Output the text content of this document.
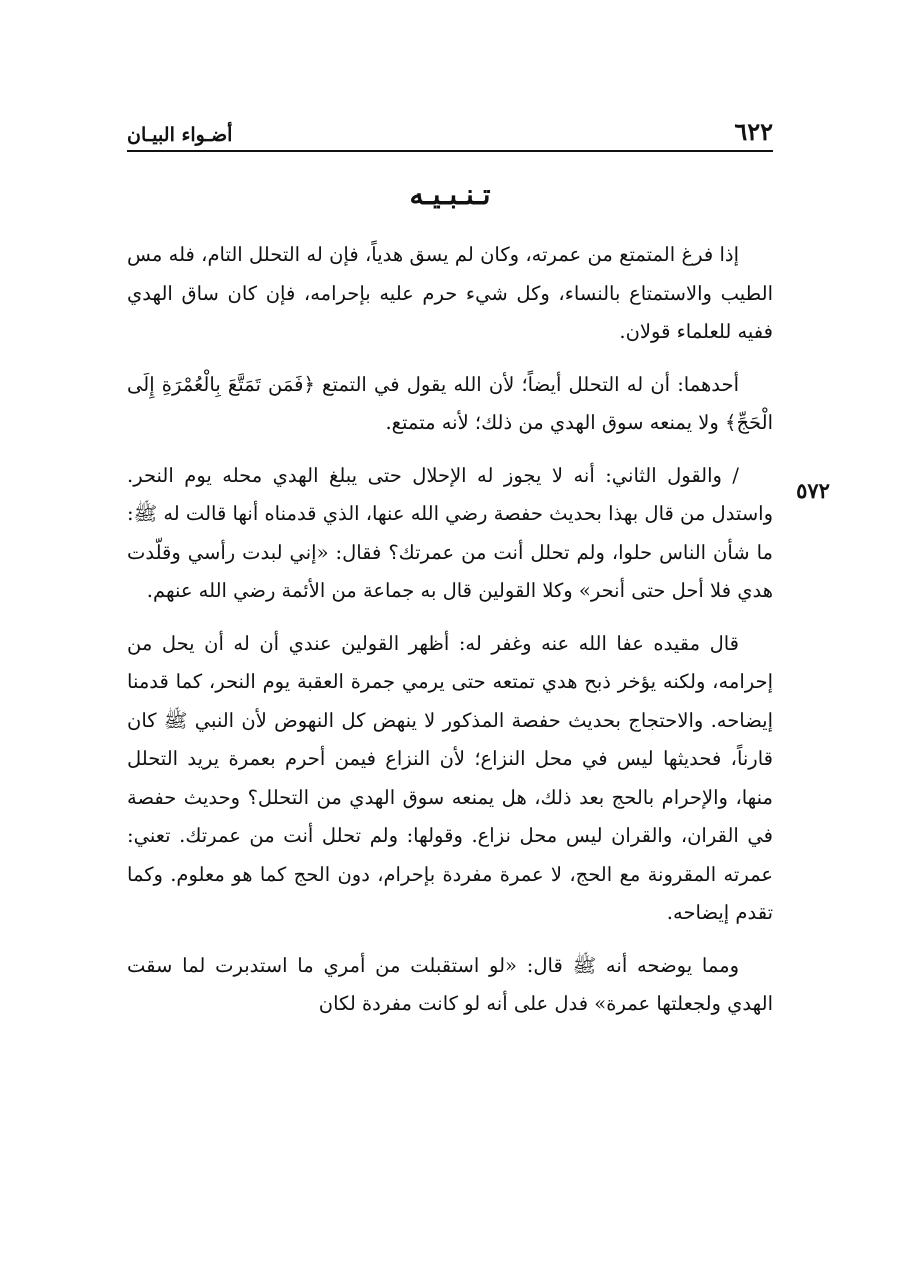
٦٢٢
أضـواء البيـان
تـنـبـيـه
٥٧٢

إذا فرغ المتمتع من عمرته، وكان لم يسق هدياً، فإن له التحلل التام، فله مس الطيب والاستمتاع بالنساء، وكل شيء حرم عليه بإحرامه، فإن كان ساق الهدي ففيه للعلماء قولان.

أحدهما: أن له التحلل أيضاً؛ لأن الله يقول في التمتع ﴿فَمَن تَمَتَّعَ بِالْعُمْرَةِ إِلَى الْحَجِّ﴾ ولا يمنعه سوق الهدي من ذلك؛ لأنه متمتع.

/ والقول الثاني: أنه لا يجوز له الإحلال حتى يبلغ الهدي محله يوم النحر. واستدل من قال بهذا بحديث حفصة رضي الله عنها، الذي قدمناه أنها قالت له ﷺ: ما شأن الناس حلوا، ولم تحلل أنت من عمرتك؟ فقال: «إني لبدت رأسي وقلّدت هدي فلا أحل حتى أنحر» وكلا القولين قال به جماعة من الأئمة رضي الله عنهم.

قال مقيده عفا الله عنه وغفر له: أظهر القولين عندي أن له أن يحل من إحرامه، ولكنه يؤخر ذبح هدي تمتعه حتى يرمي جمرة العقبة يوم النحر، كما قدمنا إيضاحه. والاحتجاج بحديث حفصة المذكور لا ينهض كل النهوض لأن النبي ﷺ كان قارناً، فحديثها ليس في محل النزاع؛ لأن النزاع فيمن أحرم بعمرة يريد التحلل منها، والإحرام بالحج بعد ذلك، هل يمنعه سوق الهدي من التحلل؟ وحديث حفصة في القران، والقران ليس محل نزاع. وقولها: ولم تحلل أنت من عمرتك. تعني: عمرته المقرونة مع الحج، لا عمرة مفردة بإحرام، دون الحج كما هو معلوم. وكما تقدم إيضاحه.

ومما يوضحه أنه ﷺ قال: «لو استقبلت من أمري ما استدبرت لما سقت الهدي ولجعلتها عمرة» فدل على أنه لو كانت مفردة لكان
